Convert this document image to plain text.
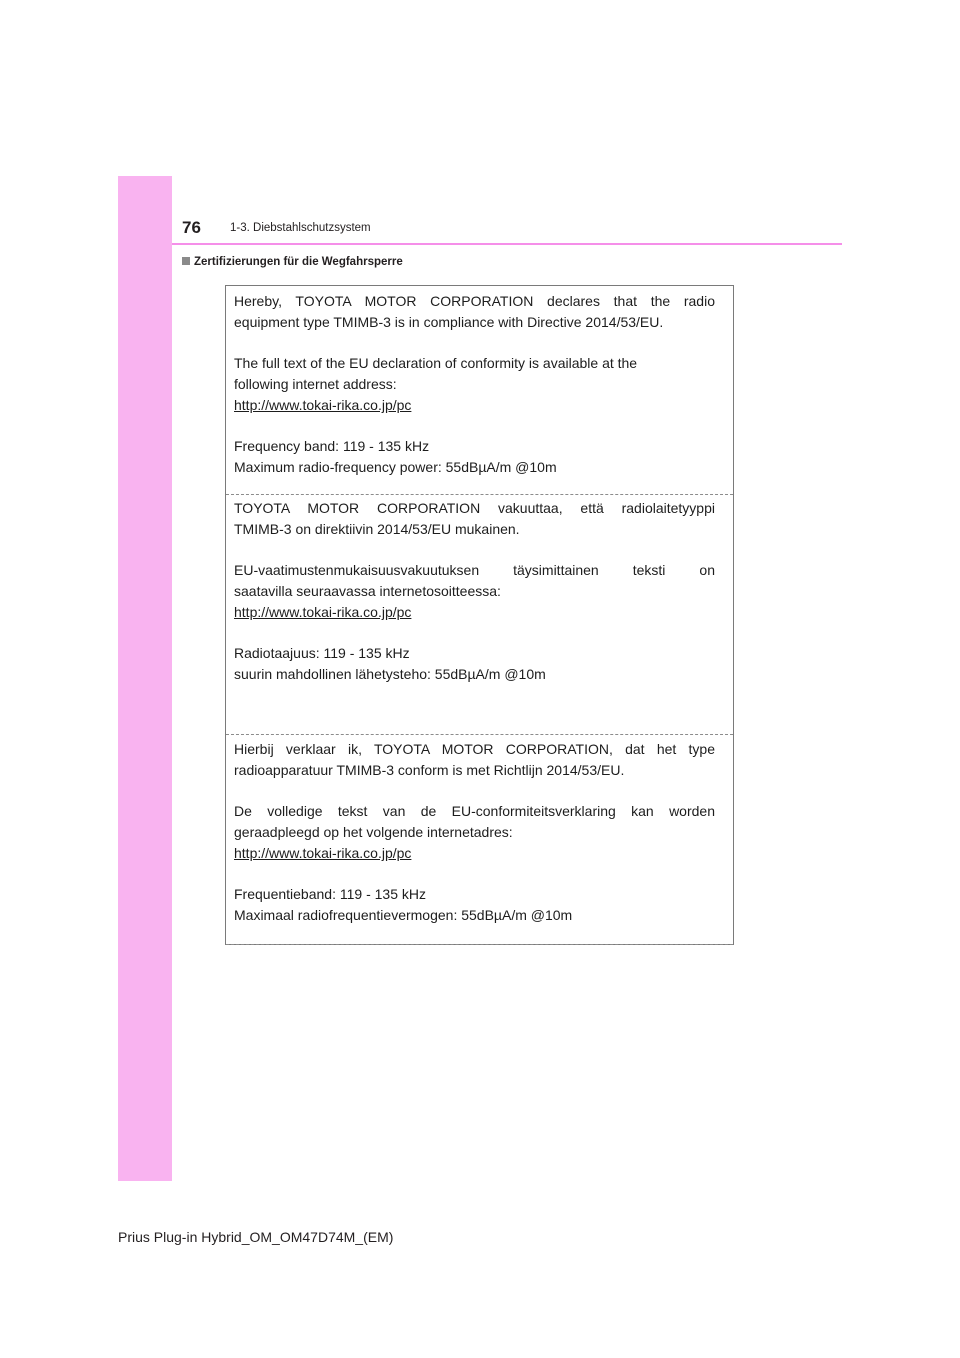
76	1-3. Diebstahlschutzsystem
Zertifizierungen für die Wegfahrsperre

Hereby, TOYOTA MOTOR CORPORATION declares that the radio
equipment type TMIMB-3 is in compliance with Directive 2014/53/EU.

The full text of the EU declaration of conformity is available at the
following internet address:
http://www.tokai-rika.co.jp/pc

Frequency band: 119 - 135 kHz
Maximum radio-frequency power: 55dBµA/m @10m

TOYOTA MOTOR CORPORATION vakuuttaa, että radiolaitetyyppi
TMIMB-3 on direktiivin 2014/53/EU mukainen.

EU-vaatimustenmukaisuusvakuutuksen täysimittainen teksti on
saatavilla seuraavassa internetosoitteessa:
http://www.tokai-rika.co.jp/pc

Radiotaajuus: 119 - 135 kHz
suurin mahdollinen lähetysteho: 55dBµA/m @10m

Hierbij verklaar ik, TOYOTA MOTOR CORPORATION, dat het type
radioapparatuur TMIMB-3 conform is met Richtlijn 2014/53/EU.

De volledige tekst van de EU-conformiteitsverklaring kan worden
geraadpleegd op het volgende internetadres:
http://www.tokai-rika.co.jp/pc

Frequentieband: 119 - 135 kHz
Maximaal radiofrequentievermogen: 55dBµA/m @10m

Prius Plug-in Hybrid_OM_OM47D74M_(EM)
